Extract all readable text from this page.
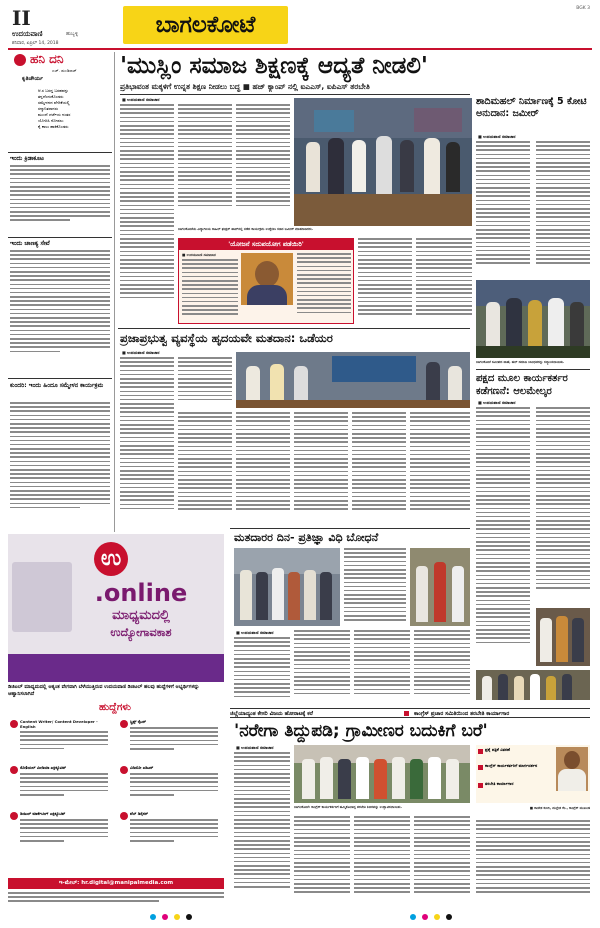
II
ಉದಯವಾಣಿ	ಹುಬ್ಬಳ್ಳಿ
ಶನಿವಾರ, ಏಪ್ರಿಲ್ 14, 2018
ಬಾಗಲಕೋಟೆ
BGK 3
ಹನಿ ದನಿ
ಎಚ್. ಡುಂಡಿರಾಜ್
ಕೃತಿಚೌರ್ಯ
ಆ.ಸ ಬರದ್ದ ಬರಹವನ್ನು
ತನ್ನದೆಂದುಕೊಂಡರು
ಸಮ್ಮೇಳನದ ವೇದಿಕೆಯಲ್ಲಿ
ಸನ್ಮಾನಿತರಾದರು
ಮುಂದೆ ಚರ್ಚೆಯ ನಂತರ
ಯೋಚಿಸಿ ನೋಡಲು
ಕೈ ಕಾಲು ಹಾಕಿಕೊಂಡರು
ಇಂದು ಕ್ರಿಡಾಕೂಟ
ಇಂದು ಚಾಣಕ್ಯ ಸೇವೆ
ಕುಂದರಿ: ಇಂದು ಹಿಂದೂ ಸಮ್ಮೇಳನ ಕಾರ್ಯಕ್ರಮ
'ಮುಸ್ಲಿಂ ಸಮಾಜ ಶಿಕ್ಷಣಕ್ಕೆ ಆದ್ಯತೆ ನೀಡಲಿ'
ಪ್ರತಿಭಾವಂತ ಮಕ್ಕಳಿಗೆ ಉನ್ನತ ಶಿಕ್ಷಣ ನೀಡಲು ಬದ್ಧ ■ ಹಜ್ ಕ್ಯಾಂಪ್ ನಲ್ಲಿ ಐಎಎಸ್, ಐಪಿಎಸ್ ತರಬೇತಿ
■ ಉದಯವಾಣಿ ಸಮಾಚಾರ	ಶಾದಿಮಹಲ್ ನಿರ್ಮಾಣಕ್ಕೆ 5 ಕೋಟಿ ಅನುದಾನ: ಜಮೀರ್
■ ಉದಯವಾಣಿ ಸಮಾಚಾರ
ಬಾಗಲಕೋಟೆಯ ವಿದ್ಯಾಗಿರಿಯ ಸಾಹಿಲ್ ಫಂಕ್ಷನ್ ಹಾಲ್‌ನಲ್ಲಿ ನಡೆದ ಕಾರ್ಯಕ್ರಮ ಉದ್ದೇಶಿಸಿ ಸಚಿವ ಜಮೀರ್ ಮಾತನಾಡಿದರು.
'ಯೋಜನೆ ಸದುಪಯೋಗ ಪಡೆಯಿರಿ'
■ ಉದಯವಾಣಿ ಸಮಾಚಾರ
ಬಾಗಲಕೋಟೆ ಸಮೀಪದ ವಾಹೆ, ಹಲ್ ಸಮಾಜ ಬಾಂಧವರನ್ನು ಸನ್ಮಾನಿಸಲಾಯಿತು.
ಪ್ರಜಾಪ್ರಭುತ್ವ ವ್ಯವಸ್ಥೆಯ ಹೃದಯವೇ ಮತದಾನ: ಒಡೆಯರ
■ ಉದಯವಾಣಿ ಸಮಾಚಾರ
ಪಕ್ಷದ ಮೂಲ ಕಾರ್ಯಕರ್ತರ ಕಡೆಗಣನೆ: ಆಲಮೇಲ್ಕರ
■ ಉದಯವಾಣಿ ಸಮಾಚಾರ
ಉ
.online
ಮಾಧ್ಯಮದಲ್ಲಿ
ಉದ್ಯೋಗಾವಕಾಶ
ಡಿಜಿಟಲ್ ಮಾಧ್ಯಮದಲ್ಲಿ ಅತ್ಯಂತ ವೇಗವಾಗಿ ಬೆಳೆಯುತ್ತಿರುವ ಉದಯವಾಣಿ ಡಿಜಿಟಲ್ ಹಲವು ಹುದ್ದೆಗಳಿಗೆ ಅಭ್ಯರ್ಥಿಗಳನ್ನು ಆಹ್ವಾನಿಸಲಾಗಿದೆ
ಹುದ್ದೆಗಳು
Content Writer/ Content Developer - English
ಸ್ಕ್ರಿಪ್ಟ್ ರೈಟರ್
ಸೋಶಿಯಲ್ ಮೀಡಿಯಾ ಎಕ್ಸಿಕ್ಯೂಟಿವ್	ವಿಡಿಯೋ ಎಡಿಟರ್
ಡಿಜಿಟಲ್ ಮಾರ್ಕೆಟಿಂಗ್ ಎಕ್ಸಿಕ್ಯೂಟಿವ್	ವೆಬ್ ಡಿಸೈನರ್
ಇ-ಮೇಲ್: hr.digital@manipalmedia.com
ಮತದಾರರ ದಿನ- ಪ್ರತಿಜ್ಞಾ ವಿಧಿ ಬೋಧನೆ
■ ಉದಯವಾಣಿ ಸಮಾಚಾರ
ಜಿಲ್ಲೆಯಾದ್ಯಂತ ಕೇಸರಿ ವಿಜಯ ಹೋರಾಟಕ್ಕೆ ಕರೆ	ಕಾಂಗ್ರೆಸ್ ಪ್ರಚಾರ ಸಮಿತಿಯಿಂದ ತರಬೇತಿ ಕಾರ್ಯಾಗಾರ
'ನರೇಗಾ ತಿದ್ದುಪಡಿ; ಗ್ರಾಮೀಣರ ಬದುಕಿಗೆ ಬರೆ'
■ ಉದಯವಾಣಿ ಸಮಾಚಾರ
ಬಾಗಲಕೋಟೆ: ಕಾಂಗ್ರೆಸ್ ಕಾರ್ಯಕರ್ತರಿಗೆ ಹಮ್ಮಿಕೊಂಡಿದ್ದ ತರಬೇತಿ ಶಿಬಿರವನ್ನು ಉದ್ಘಾಟಿಸಲಾಯಿತು.
ಪ್ರಶ್ನೆ ಪತ್ರಿಕೆ ವಿತರಣೆ
ಕಾಂಗ್ರೆಸ್ ಕಾರ್ಯಕರ್ತರಿಗೆ ಮಾರ್ಗದರ್ಶನ
ತರಬೇತಿ ಕಾರ್ಯಾಗಾರ
■ ರಾಜೇಶ ಕುರಿಗಿ, ಮಲ್ಲೇಶ ಕೆಂ., ಕಾಂಗ್ರೆಸ್ ಮುಖಂಡ
